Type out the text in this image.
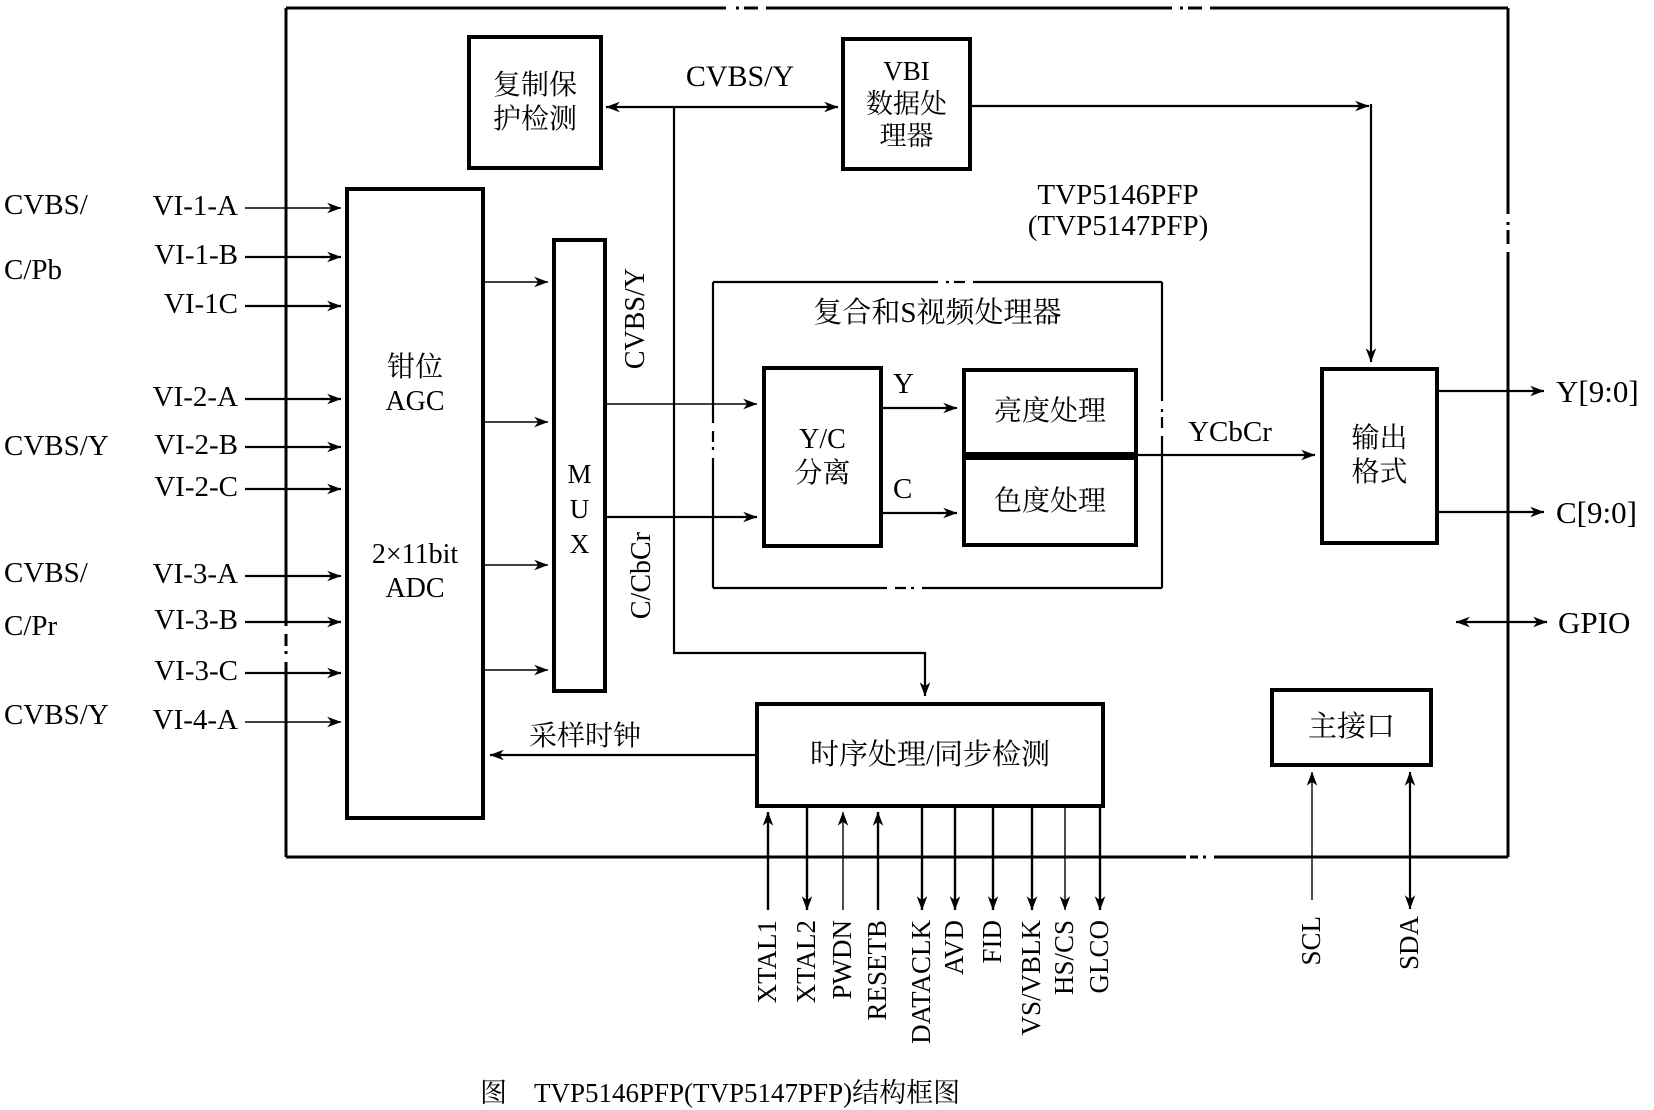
复制保
护检测
VBI
数据处
理器
钳位
AGC
2×11bit
ADC
M
U
X
复合和S视频处理器
Y/C
分离
亮度处理
色度处理
输出
格式
时序处理/同步检测
主接口
TVP5146PFP
(TVP5147PFP)
CVBS/Y
CVBS/Y
C/CbCr
Y
C
YCbCr
采样时钟
Y[9:0]
C[9:0]
GPIO
图　TVP5146PFP(TVP5147PFP)结构框图
VI-1-A
VI-1-B
VI-1C
VI-2-A
VI-2-B
VI-2-C
VI-3-A
VI-3-B
VI-3-C
VI-4-A
CVBS/
C/Pb
CVBS/Y
CVBS/
C/Pr
CVBS/Y
XTAL1 XTAL2 PWDN RESETB DATACLK AVD FID VS/VBLK HS/CS GLCO	SCL	SDA
